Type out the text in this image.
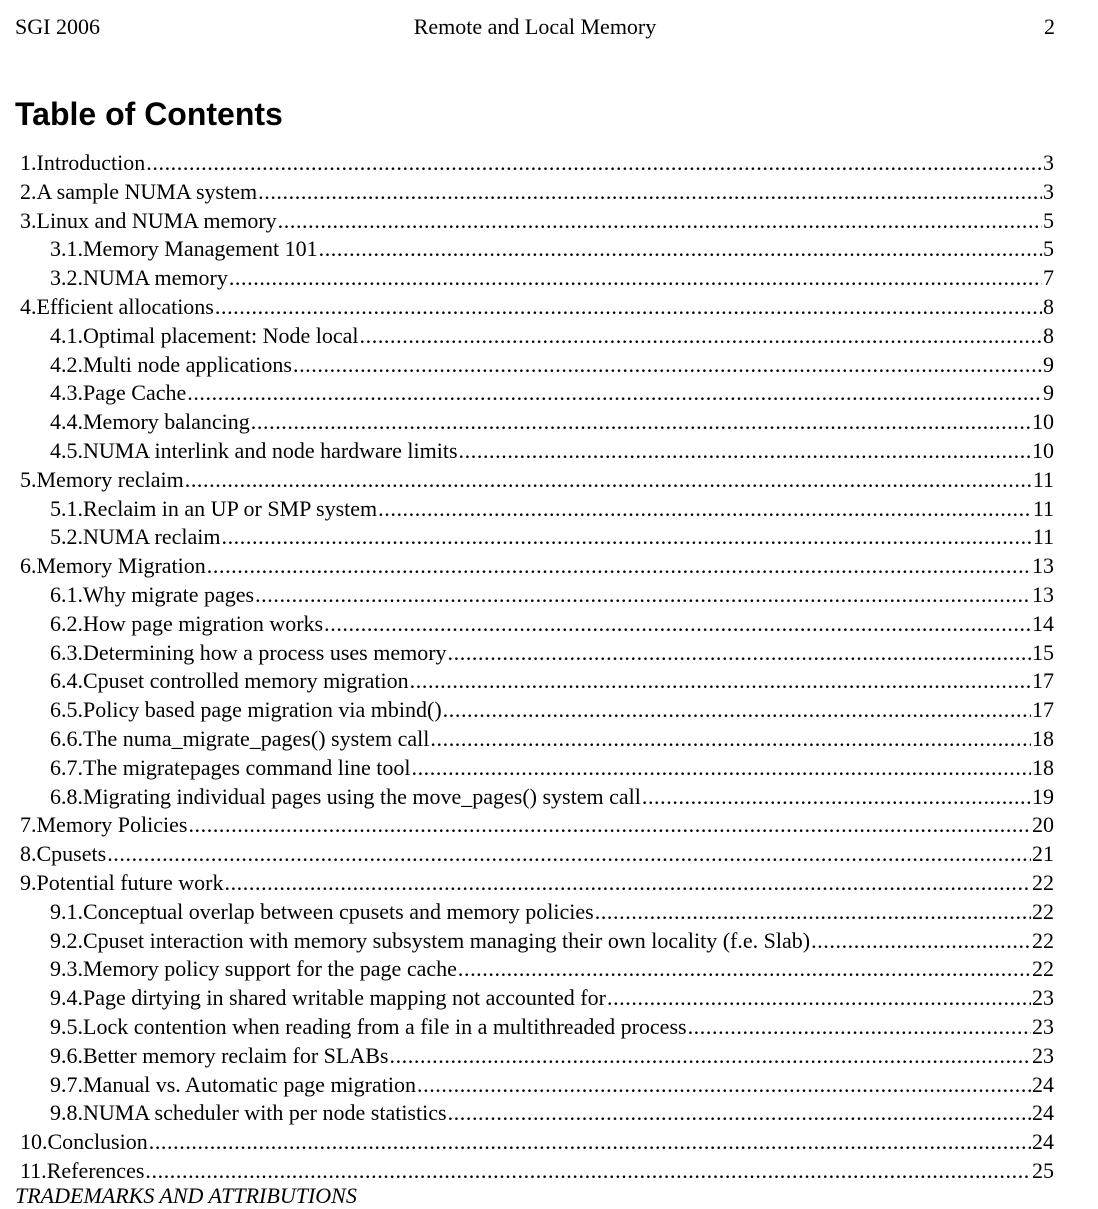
SGI 2006	Remote and Local Memory	2
Table of Contents
1. Introduction .....	3
2. A sample NUMA system .....	3
3. Linux and NUMA memory .....	5
3.1. Memory Management 101 .....	5
3.2. NUMA memory .....	7
4. Efficient allocations .....	8
4.1. Optimal placement: Node local .....	8
4.2. Multi node applications .....	9
4.3. Page Cache .....	9
4.4. Memory balancing .....	10
4.5. NUMA interlink and node hardware limits .....	10
5. Memory reclaim .....	11
5.1. Reclaim in an UP or SMP system .....	11
5.2. NUMA reclaim .....	11
6. Memory Migration .....	13
6.1. Why migrate pages .....	13
6.2. How page migration works .....	14
6.3. Determining how a process uses memory .....	15
6.4. Cpuset controlled memory migration .....	17
6.5. Policy based page migration via mbind() .....	17
6.6. The numa_migrate_pages() system call .....	18
6.7. The migratepages command line tool .....	18
6.8. Migrating individual pages using the move_pages() system call .....	19
7. Memory Policies .....	20
8. Cpusets .....	21
9. Potential future work .....	22
9.1. Conceptual overlap between cpusets and memory policies .....	22
9.2. Cpuset interaction with memory subsystem managing their own locality (f.e. Slab) .....	22
9.3. Memory policy support for the page cache .....	22
9.4. Page dirtying in shared writable mapping not accounted for .....	23
9.5. Lock contention when reading from a file in a multithreaded process .....	23
9.6. Better memory reclaim for SLABs .....	23
9.7. Manual vs. Automatic page migration .....	24
9.8. NUMA scheduler with per node statistics .....	24
10. Conclusion .....	24
11. References .....	25

TRADEMARKS AND ATTRIBUTIONS
